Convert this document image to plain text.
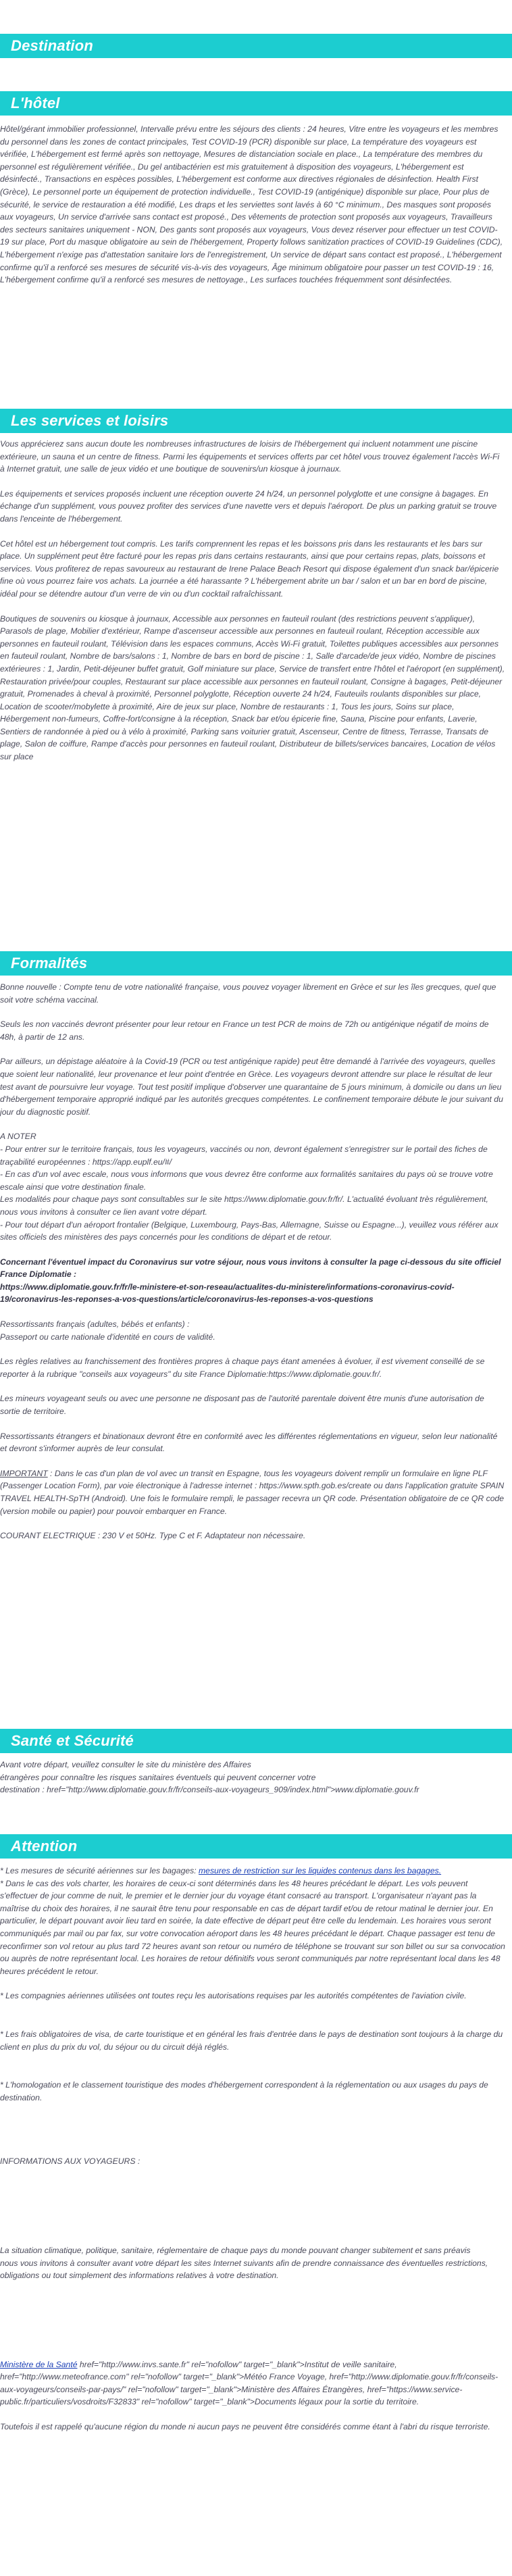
Destination
L'hôtel

Hôtel/gérant immobilier professionnel, Intervalle prévu entre les séjours des clients : 24 heures, Vitre entre les voyageurs et les membres du personnel dans les zones de contact principales, Test COVID-19 (PCR) disponible sur place, La température des voyageurs est vérifiée, L'hébergement est fermé après son nettoyage, Mesures de distanciation sociale en place., La température des membres du personnel est régulièrement vérifiée., Du gel antibactérien est mis gratuitement à disposition des voyageurs, L'hébergement est désinfecté., Transactions en espèces possibles, L'hébergement est conforme aux directives régionales de désinfection. Health First (Grèce), Le personnel porte un équipement de protection individuelle., Test COVID-19 (antigénique) disponible sur place, Pour plus de sécurité, le service de restauration a été modifié, Les draps et les serviettes sont lavés à 60 °C minimum., Des masques sont proposés aux voyageurs, Un service d'arrivée sans contact est proposé., Des vêtements de protection sont proposés aux voyageurs, Travailleurs des secteurs sanitaires uniquement - NON, Des gants sont proposés aux voyageurs, Vous devez réserver pour effectuer un test COVID-19 sur place, Port du masque obligatoire au sein de l'hébergement, Property follows sanitization practices of COVID-19 Guidelines (CDC), L'hébergement n'exige pas d'attestation sanitaire lors de l'enregistrement, Un service de départ sans contact est proposé., L'hébergement confirme qu'il a renforcé ses mesures de sécurité vis-à-vis des voyageurs, Âge minimum obligatoire pour passer un test COVID-19 : 16, L'hébergement confirme qu'il a renforcé ses mesures de nettoyage., Les surfaces touchées fréquemment sont désinfectées.

Les services et loisirs

Vous apprécierez sans aucun doute les nombreuses infrastructures de loisirs de l'hébergement qui incluent notamment une piscine extérieure, un sauna et un centre de fitness. Parmi les équipements et services offerts par cet hôtel vous trouvez également l'accès Wi-Fi à Internet gratuit, une salle de jeux vidéo et une boutique de souvenirs/un kiosque à journaux.

Les équipements et services proposés incluent une réception ouverte 24 h/24, un personnel polyglotte et une consigne à bagages. En échange d'un supplément, vous pouvez profiter des services d'une navette vers et depuis l'aéroport. De plus un parking gratuit se trouve dans l'enceinte de l'hébergement.

Cet hôtel est un hébergement tout compris. Les tarifs comprennent les repas et les boissons pris dans les restaurants et les bars sur place. Un supplément peut être facturé pour les repas pris dans certains restaurants, ainsi que pour certains repas, plats, boissons et services. Vous profiterez de repas savoureux au restaurant de Irene Palace Beach Resort qui dispose également d'un snack bar/épicerie fine où vous pourrez faire vos achats. La journée a été harassante ? L'hébergement abrite un bar / salon et un bar en bord de piscine, idéal pour se détendre autour d'un verre de vin ou d'un cocktail rafraîchissant.

Boutiques de souvenirs ou kiosque à journaux, Accessible aux personnes en fauteuil roulant (des restrictions peuvent s'appliquer), Parasols de plage, Mobilier d'extérieur, Rampe d'ascenseur accessible aux personnes en fauteuil roulant, Réception accessible aux personnes en fauteuil roulant, Télévision dans les espaces communs, Accès Wi-Fi gratuit, Toilettes publiques accessibles aux personnes en fauteuil roulant, Nombre de bars/salons : 1, Nombre de bars en bord de piscine : 1, Salle d'arcade/de jeux vidéo, Nombre de piscines extérieures : 1, Jardin, Petit-déjeuner buffet gratuit, Golf miniature sur place, Service de transfert entre l'hôtel et l'aéroport (en supplément), Restauration privée/pour couples, Restaurant sur place accessible aux personnes en fauteuil roulant, Consigne à bagages, Petit-déjeuner gratuit, Promenades à cheval à proximité, Personnel polyglotte, Réception ouverte 24 h/24, Fauteuils roulants disponibles sur place, Location de scooter/mobylette à proximité, Aire de jeux sur place, Nombre de restaurants : 1, Tous les jours, Soins sur place, Hébergement non-fumeurs, Coffre-fort/consigne à la réception, Snack bar et/ou épicerie fine, Sauna, Piscine pour enfants, Laverie, Sentiers de randonnée à pied ou à vélo à proximité, Parking sans voiturier gratuit, Ascenseur, Centre de fitness, Terrasse, Transats de plage, Salon de coiffure, Rampe d'accès pour personnes en fauteuil roulant, Distributeur de billets/services bancaires, Location de vélos sur place

Formalités

Bonne nouvelle : Compte tenu de votre nationalité française, vous pouvez voyager librement en Grèce et sur les îles grecques, quel que soit votre schéma vaccinal.

Seuls les non vaccinés devront présenter pour leur retour en France un test PCR de moins de 72h ou antigénique négatif de moins de 48h, à partir de 12 ans.

Par ailleurs, un dépistage aléatoire à la Covid-19 (PCR ou test antigénique rapide) peut être demandé à l'arrivée des voyageurs, quelles que soient leur nationalité, leur provenance et leur point d'entrée en Grèce. Les voyageurs devront attendre sur place le résultat de leur test avant de poursuivre leur voyage. Tout test positif implique d'observer une quarantaine de 5 jours minimum, à domicile ou dans un lieu d'hébergement temporaire approprié indiqué par les autorités grecques compétentes. Le confinement temporaire débute le jour suivant du jour du diagnostic positif.

A NOTER
- Pour entrer sur le territoire français, tous les voyageurs, vaccinés ou non, devront également s'enregistrer sur le portail des fiches de traçabilité européennes : https://app.euplf.eu/#/
- En cas d'un vol avec escale, nous vous informons que vous devrez être conforme aux formalités sanitaires du pays où se trouve votre escale ainsi que votre destination finale.
Les modalités pour chaque pays sont consultables sur le site https://www.diplomatie.gouv.fr/fr/. L'actualité évoluant très régulièrement, nous vous invitons à consulter ce lien avant votre départ.
- Pour tout départ d'un aéroport frontalier (Belgique, Luxembourg, Pays-Bas, Allemagne, Suisse ou Espagne...), veuillez vous référer aux sites officiels des ministères des pays concernés pour les conditions de départ et de retour.

Concernant l'éventuel impact du Coronavirus sur votre séjour, nous vous invitons à consulter la page ci-dessous du site officiel France Diplomatie :
https://www.diplomatie.gouv.fr/fr/le-ministere-et-son-reseau/actualites-du-ministere/informations-coronavirus-covid-19/coronavirus-les-reponses-a-vos-questions/article/coronavirus-les-reponses-a-vos-questions

Ressortissants français (adultes, bébés et enfants) :
Passeport ou carte nationale d'identité en cours de validité.

Les règles relatives au franchissement des frontières propres à chaque pays étant amenées à évoluer, il est vivement conseillé de se reporter à la rubrique "conseils aux voyageurs" du site France Diplomatie:https://www.diplomatie.gouv.fr/.

Les mineurs voyageant seuls ou avec une personne ne disposant pas de l'autorité parentale doivent être munis d'une autorisation de sortie de territoire.

Ressortissants étrangers et binationaux devront être en conformité avec les différentes réglementations en vigueur, selon leur nationalité et devront s'informer auprès de leur consulat.

IMPORTANT : Dans le cas d'un plan de vol avec un transit en Espagne, tous les voyageurs doivent remplir un formulaire en ligne PLF (Passenger Location Form), par voie électronique à l'adresse internet : https://www.spth.gob.es/create ou dans l'application gratuite SPAIN TRAVEL HEALTH-SpTH (Android). Une fois le formulaire rempli, le passager recevra un QR code. Présentation obligatoire de ce QR code (version mobile ou papier) pour pouvoir embarquer en France.

COURANT ELECTRIQUE : 230 V et 50Hz. Type C et F. Adaptateur non nécessaire.

Santé et Sécurité

Avant votre départ, veuillez consulter le site du ministère des Affaires
étrangères pour connaître les risques sanitaires éventuels qui peuvent concerner votre
destination : href="http://www.diplomatie.gouv.fr/fr/conseils-aux-voyageurs_909/index.html">www.diplomatie.gouv.fr

Attention

* Les mesures de sécurité aériennes sur les bagages: mesures de restriction sur les liquides contenus dans les bagages.

* Dans le cas des vols charter, les horaires de ceux-ci sont déterminés dans les 48 heures précédant le départ. Les vols peuvent s'effectuer de jour comme de nuit, le premier et le dernier jour du voyage étant consacré au transport. L'organisateur n'ayant pas la maîtrise du choix des horaires, il ne saurait être tenu pour responsable en cas de départ tardif et/ou de retour matinal le dernier jour. En particulier, le départ pouvant avoir lieu tard en soirée, la date effective de départ peut être celle du lendemain. Les horaires vous seront communiqués par mail ou par fax, sur votre convocation aéroport dans les 48 heures précédant le départ. Chaque passager est tenu de reconfirmer son vol retour au plus tard 72 heures avant son retour ou numéro de téléphone se trouvant sur son billet ou sur sa convocation ou auprès de notre représentant local. Les horaires de retour définitifs vous seront communiqués par notre représentant local dans les 48 heures précédent le retour.

* Les compagnies aériennes utilisées ont toutes reçu les autorisations requises par les autorités compétentes de l'aviation civile.

* Les frais obligatoires de visa, de carte touristique et en général les frais d'entrée dans le pays de destination sont toujours à la charge du client en plus du prix du vol, du séjour ou du circuit déjà réglés.

* L'homologation et le classement touristique des modes d'hébergement correspondent à la réglementation ou aux usages du pays de destination.

INFORMATIONS AUX VOYAGEURS :

La situation climatique, politique, sanitaire, réglementaire de chaque pays du monde pouvant changer subitement et sans préavis
nous vous invitons à consulter avant votre départ les sites Internet suivants afin de prendre connaissance des éventuelles restrictions, obligations ou tout simplement des informations relatives à votre destination.

Ministère de la Santé href="http://www.invs.sante.fr" rel="nofollow" target="_blank">Institut de veille sanitaire, href="http://www.meteofrance.com" rel="nofollow" target="_blank">Météo France Voyage, href="http://www.diplomatie.gouv.fr/fr/conseils-aux-voyageurs/conseils-par-pays/" rel="nofollow" target="_blank">Ministère des Affaires Étrangères, href="https://www.service-public.fr/particuliers/vosdroits/F32833" rel="nofollow" target="_blank">Documents légaux pour la sortie du territoire.

Toutefois il est rappelé qu'aucune région du monde ni aucun pays ne peuvent être considérés comme étant à l'abri du risque terroriste.
